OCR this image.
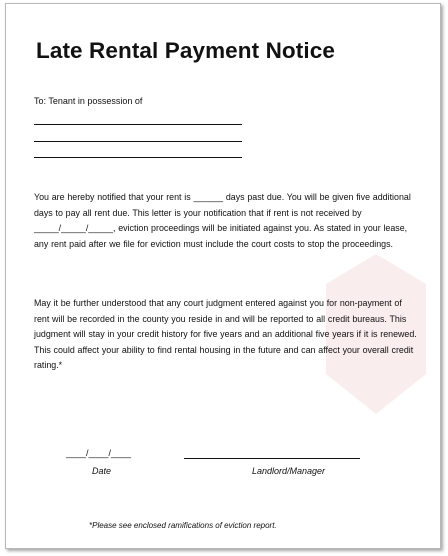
Late Rental Payment Notice
To: Tenant in possession of
You are hereby notified that your rent is ______ days past due. You will be given five additional days to pay all rent due. This letter is your notification that if rent is not received by _____/_____/_____, eviction proceedings will be initiated against you. As stated in your lease, any rent paid after we file for eviction must include the court costs to stop the proceedings.
May it be further understood that any court judgment entered against you for non-payment of rent will be recorded in the county you reside in and will be reported to all credit bureaus. This judgment will stay in your credit history for five years and an additional five years if it is renewed. This could affect your ability to find rental housing in the future and can affect your overall credit rating.*
____/____/____
Date	Landlord/Manager
*Please see enclosed ramifications of eviction report.
